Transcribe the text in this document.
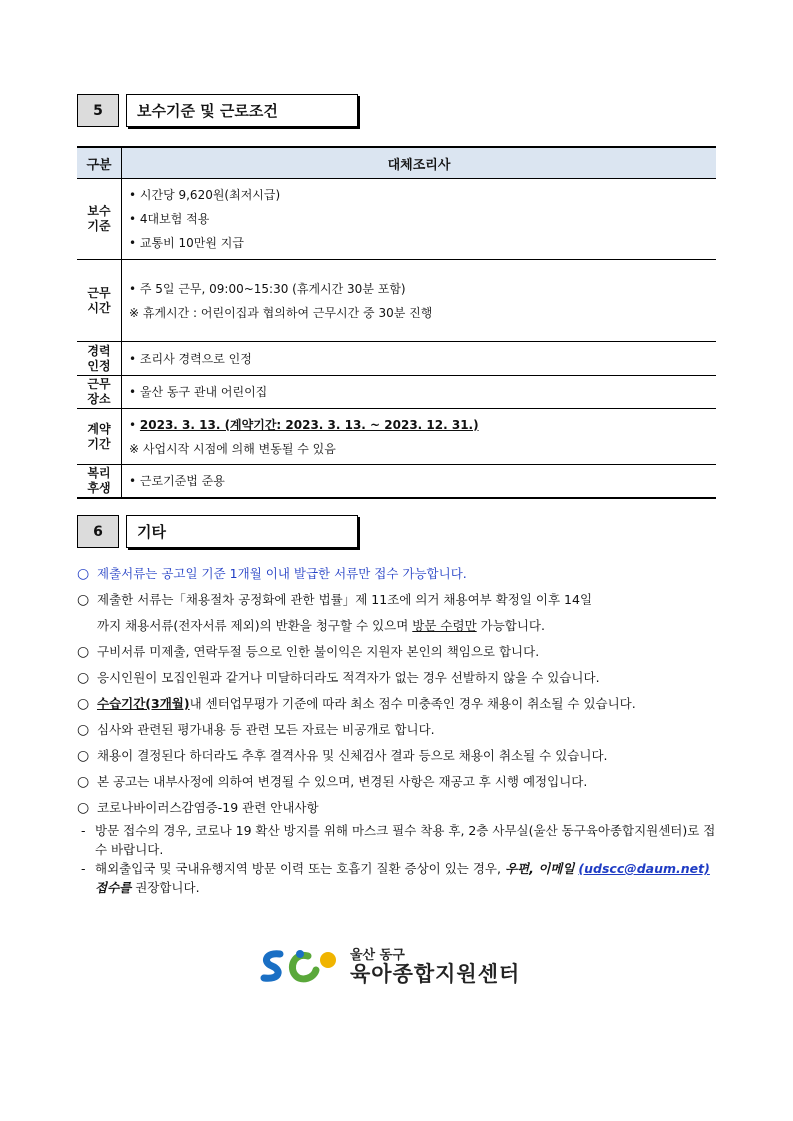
5	보수기준 및 근로조건
구분	대체조리사

보수
기준	• 시간당 9,620원(최저시급)
• 4대보험 적용
• 교통비 10만원 지급

근무
시간	• 주 5일 근무, 09:00~15:30 (휴게시간 30분 포함)
※ 휴게시간 : 어린이집과 협의하여 근무시간 중 30분 진행

경력
인정	• 조리사 경력으로 인정

근무
장소	• 울산 동구 관내 어린이집

계약
기간	• 2023. 3. 13. (계약기간: 2023. 3. 13. ~ 2023. 12. 31.)
※ 사업시작 시점에 의해 변동될 수 있음

복리
후생	• 근로기준법 준용
6	기타
○ 제출서류는 공고일 기준 1개월 이내 발급한 서류만 접수 가능합니다.
○ 제출한 서류는「채용절차 공정화에 관한 법률」제 11조에 의거 채용여부 확정일 이후 14일
까지 채용서류(전자서류 제외)의 반환을 청구할 수 있으며 방문 수령만 가능합니다.
○ 구비서류 미제출, 연락두절 등으로 인한 불이익은 지원자 본인의 책임으로 합니다.
○ 응시인원이 모집인원과 같거나 미달하더라도 적격자가 없는 경우 선발하지 않을 수 있습니다.
○ 수습기간(3개월)내 센터업무평가 기준에 따라 최소 점수 미충족인 경우 채용이 취소될 수 있습니다.
○ 심사와 관련된 평가내용 등 관련 모든 자료는 비공개로 합니다.
○ 채용이 결정된다 하더라도 추후 결격사유 및 신체검사 결과 등으로 채용이 취소될 수 있습니다.
○ 본 공고는 내부사정에 의하여 변경될 수 있으며, 변경된 사항은 재공고 후 시행 예정입니다.
○ 코로나바이러스감염증-19 관련 안내사항
- 방문 접수의 경우, 코로나 19 확산 방지를 위해 마스크 필수 착용 후, 2층 사무실(울산 동구육아종합지원센터)로 접수 바랍니다.
- 해외출입국 및 국내유행지역 방문 이력 또는 호흡기 질환 증상이 있는 경우, 우편, 이메일 (udscc@daum.net) 접수를 권장합니다.
울산 동구
육아종합지원센터
